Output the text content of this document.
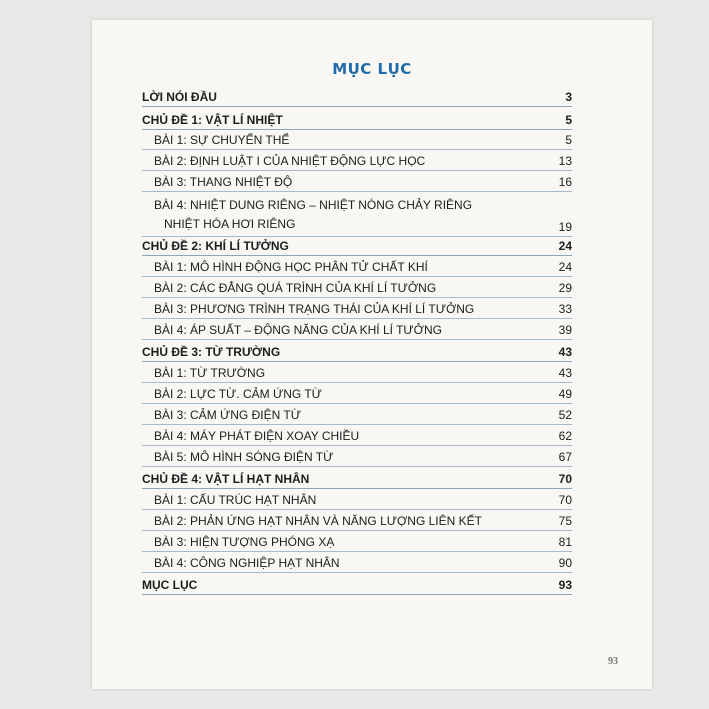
MỤC LỤC
LỜI NÓI ĐẦU	3
CHỦ ĐỀ 1: VẬT LÍ NHIỆT	5
BÀI 1: SỰ CHUYỂN THỂ	5
BÀI 2: ĐỊNH LUẬT I CỦA NHIỆT ĐỘNG LỰC HỌC	13
BÀI 3: THANG NHIỆT ĐỘ	16
BÀI 4: NHIỆT DUNG RIÊNG – NHIỆT NÓNG CHẢY RIÊNG
NHIỆT HÓA HƠI RIÊNG	19
CHỦ ĐỀ 2: KHÍ LÍ TƯỞNG	24
BÀI 1: MÔ HÌNH ĐỘNG HỌC PHÂN TỬ CHẤT KHÍ	24
BÀI 2: CÁC ĐẲNG QUÁ TRÌNH CỦA KHÍ LÍ TƯỞNG	29
BÀI 3: PHƯƠNG TRÌNH TRẠNG THÁI CỦA KHÍ LÍ TƯỞNG	33
BÀI 4: ÁP SUẤT – ĐỘNG NĂNG CỦA KHÍ LÍ TƯỞNG	39
CHỦ ĐỀ 3: TỪ TRƯỜNG	43
BÀI 1: TỪ TRƯỜNG	43
BÀI 2: LỰC TỪ. CẢM ỨNG TỪ	49
BÀI 3: CẢM ỨNG ĐIỆN TỪ	52
BÀI 4: MÁY PHÁT ĐIỆN XOAY CHIỀU	62
BÀI 5: MÔ HÌNH SÓNG ĐIỆN TỪ	67
CHỦ ĐỀ 4: VẬT LÍ HẠT NHÂN	70
BÀI 1: CẤU TRÚC HẠT NHÂN	70
BÀI 2: PHẢN ỨNG HẠT NHÂN VÀ NĂNG LƯỢNG LIÊN KẾT	75
BÀI 3: HIỆN TƯỢNG PHÓNG XẠ	81
BÀI 4: CÔNG NGHIỆP HẠT NHÂN	90
MỤC LỤC	93
93
